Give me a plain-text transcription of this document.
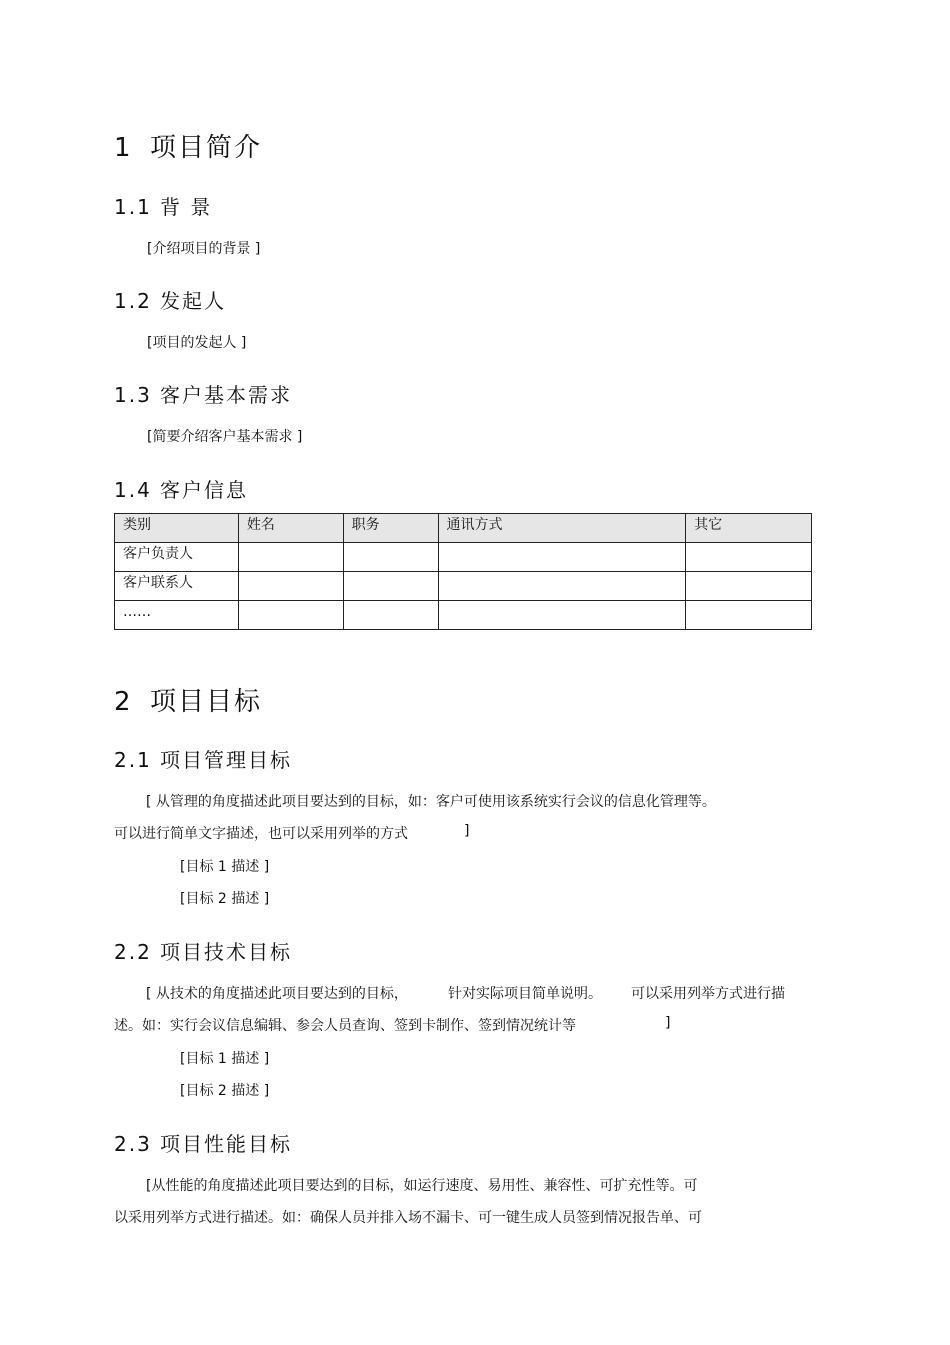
1 项目简介
1.1 背 景
[介绍项目的背景 ]
1.2 发起人
[项目的发起人 ]
1.3 客户基本需求
[简要介绍客户基本需求 ]
1.4 客户信息
类别	姓名	职务	通讯方式	其它
客户负责人				
客户联系人				
……				
2 项目目标
2.1 项目管理目标
[ 从管理的角度描述此项目要达到的目标，如：客户可使用该系统实行会议的信息化管理等。
可以进行简单文字描述，也可以采用列举的方式	]
[目标 1 描述 ]
[目标 2 描述 ]
2.2 项目技术目标
[ 从技术的角度描述此项目要达到的目标，	针对实际项目简单说明。 可以采用列举方式进行描
述。如：实行会议信息编辑、参会人员查询、签到卡制作、签到情况统计等	]
[目标 1 描述 ]
[目标 2 描述 ]
2.3 项目性能目标
[从性能的角度描述此项目要达到的目标，如运行速度、易用性、兼容性、可扩充性等。可
以采用列举方式进行描述。如：确保人员并排入场不漏卡、可一键生成人员签到情况报告单、可
